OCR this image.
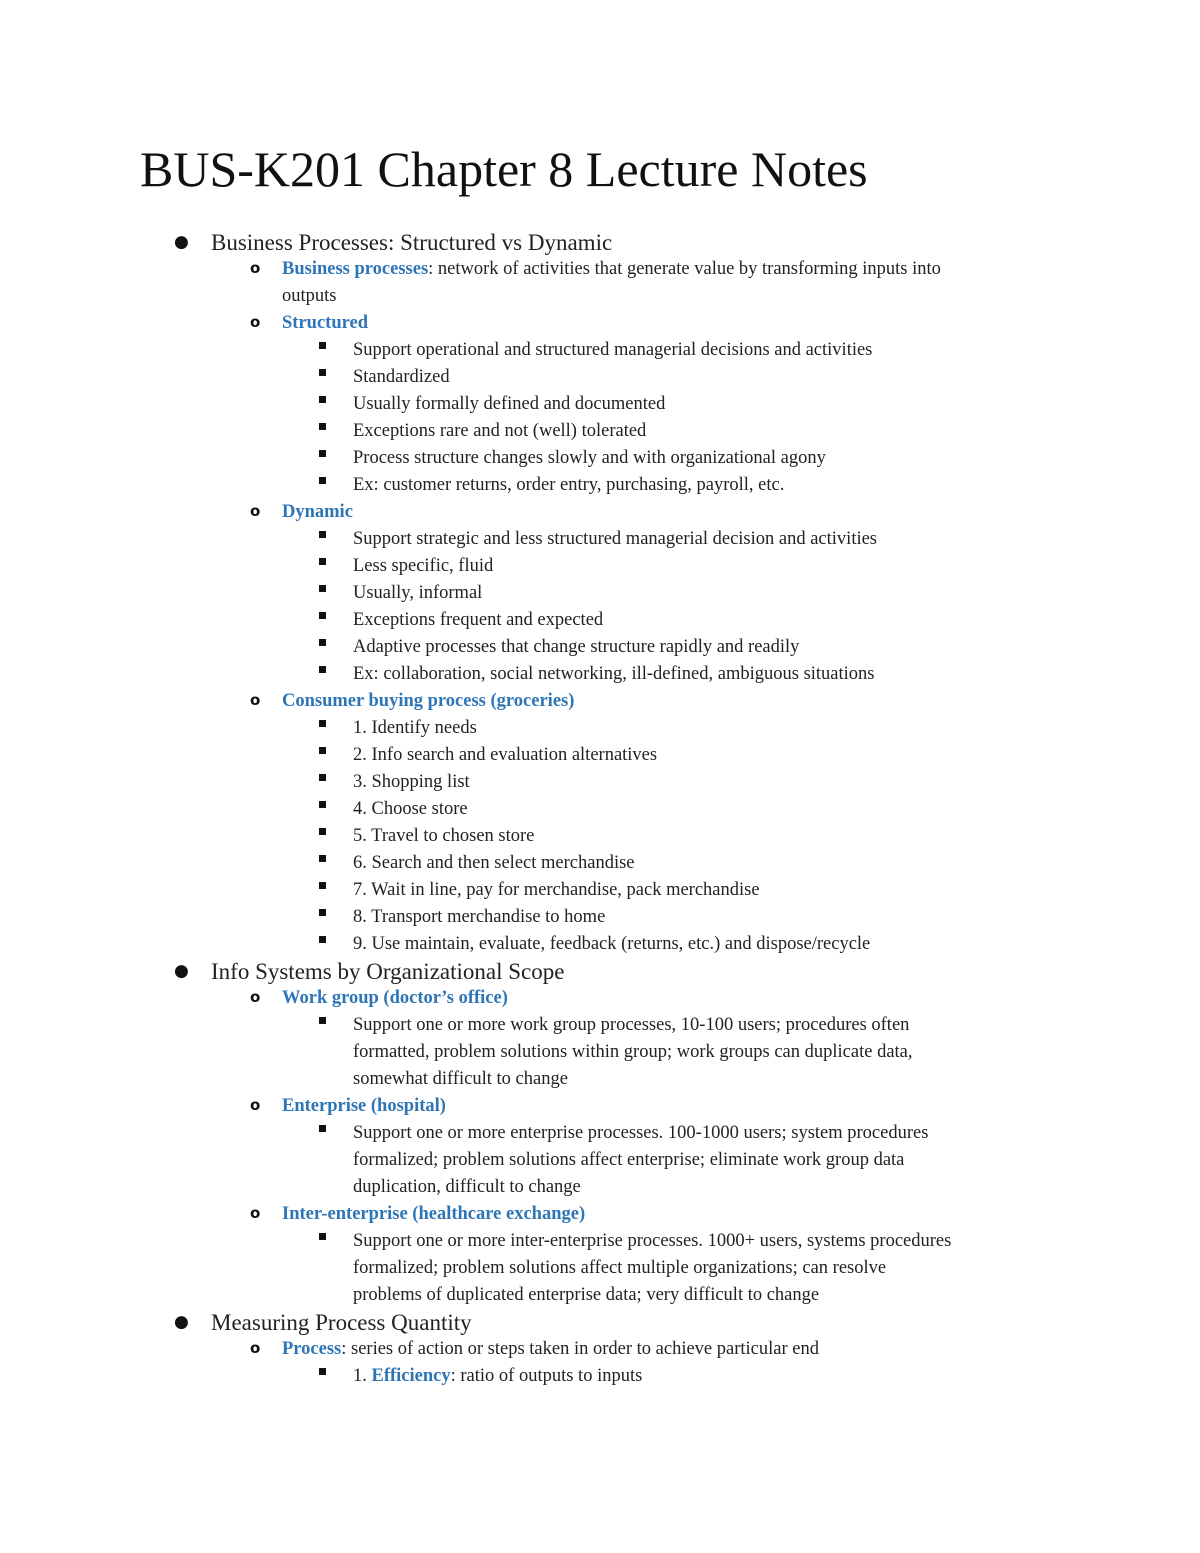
BUS-K201 Chapter 8 Lecture Notes
● Business Processes: Structured vs Dynamic
o Business processes: network of activities that generate value by transforming inputs into
outputs
o Structured
Support operational and structured managerial decisions and activities
Standardized
Usually formally defined and documented
Exceptions rare and not (well) tolerated
Process structure changes slowly and with organizational agony
Ex: customer returns, order entry, purchasing, payroll, etc.
o Dynamic
Support strategic and less structured managerial decision and activities
Less specific, fluid
Usually, informal
Exceptions frequent and expected
Adaptive processes that change structure rapidly and readily
Ex: collaboration, social networking, ill-defined, ambiguous situations
o Consumer buying process (groceries)
1. Identify needs
2. Info search and evaluation alternatives
3. Shopping list
4. Choose store
5. Travel to chosen store
6. Search and then select merchandise
7. Wait in line, pay for merchandise, pack merchandise
8. Transport merchandise to home
9. Use maintain, evaluate, feedback (returns, etc.) and dispose/recycle
● Info Systems by Organizational Scope
o Work group (doctor’s office)
Support one or more work group processes, 10-100 users; procedures often
formatted, problem solutions within group; work groups can duplicate data,
somewhat difficult to change
o Enterprise (hospital)
Support one or more enterprise processes. 100-1000 users; system procedures
formalized; problem solutions affect enterprise; eliminate work group data
duplication, difficult to change
o Inter-enterprise (healthcare exchange)
Support one or more inter-enterprise processes. 1000+ users, systems procedures
formalized; problem solutions affect multiple organizations; can resolve
problems of duplicated enterprise data; very difficult to change
● Measuring Process Quantity
o Process: series of action or steps taken in order to achieve particular end
1. Efficiency: ratio of outputs to inputs
